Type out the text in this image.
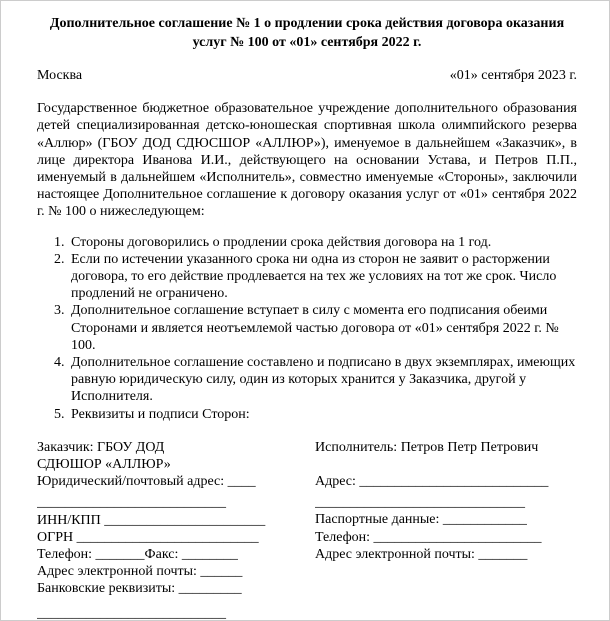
Дополнительное соглашение № 1 о продлении срока действия договора оказания услуг № 100 от «01» сентября 2022 г.
Москва	«01» сентября 2023 г.
Государственное бюджетное образовательное учреждение дополнительного образования детей специализированная детско-юношеская спортивная школа олимпийского резерва «Аллюр» (ГБОУ ДОД СДЮСШОР «АЛЛЮР»), именуемое в дальнейшем «Заказчик», в лице директора Иванова И.И., действующего на основании Устава, и Петров П.П., именуемый в дальнейшем «Исполнитель», совместно именуемые «Стороны», заключили настоящее Дополнительное соглашение к договору оказания услуг от «01» сентября 2022 г. № 100 о нижеследующем:
1. Стороны договорились о продлении срока действия договора на 1 год.
2. Если по истечении указанного срока ни одна из сторон не заявит о расторжении договора, то его действие продлевается на тех же условиях на тот же срок. Число продлений не ограничено.
3. Дополнительное соглашение вступает в силу с момента его подписания обеими Сторонами и является неотъемлемой частью договора от «01» сентября 2022 г. № 100.
4. Дополнительное соглашение составлено и подписано в двух экземплярах, имеющих равную юридическую силу, один из которых хранится у Заказчика, другой у Исполнителя.
5. Реквизиты и подписи Сторон:
Заказчик: ГБОУ ДОД
СДЮШОР «АЛЛЮР»
Юридический/почтовый адрес: ____
___________________________
ИНН/КПП _______________________
ОГРН __________________________
Телефон: _______Факс: ________
Адрес электронной почты: ______
Банковские реквизиты: _________
___________________________
Исполнитель: Петров Петр Петрович
Адрес: ___________________________
______________________________
Паспортные данные: ____________
Телефон: ________________________
Адрес электронной почты: _______
